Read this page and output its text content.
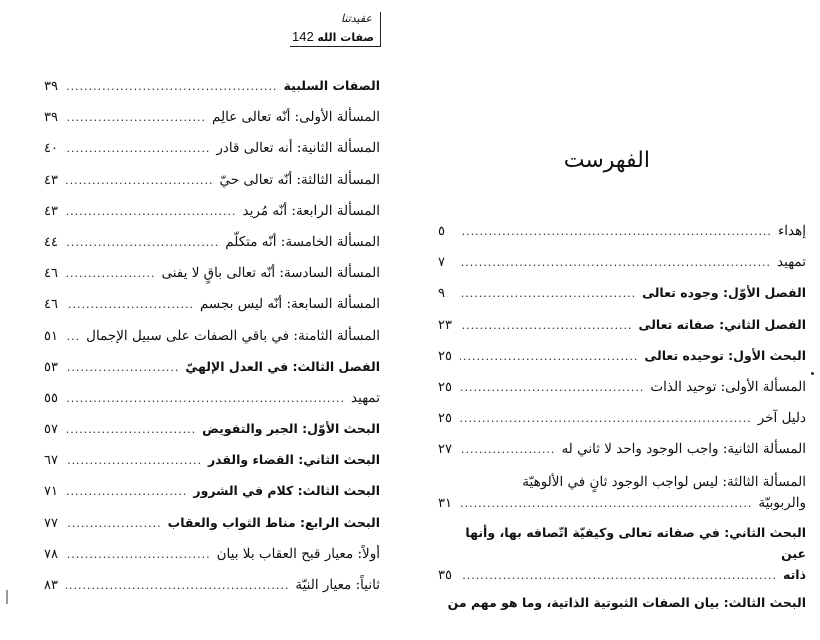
عقيدتنا
142 صفات الله
الصفات السلبية
.....
٣٩
المسألة الأولى: أنّه تعالى عالِم
.....
٣٩
المسألة الثانية: أنه تعالى قادر
.....
٤٠
المسألة الثالثة: أنّه تعالى حيّ
.....
٤٣
المسألة الرابعة: أنّه مُريد
.....
٤٣
المسألة الخامسة: أنّه متكلّم
.....
٤٤
المسألة السادسة: أنّه تعالى باقٍ لا يفنى
.....
٤٦
المسألة السابعة: أنّه ليس بجسم
.....
٤٦
المسألة الثامنة: في باقي الصفات على سبيل الإجمال
.....
٥١
الفصل الثالث: في العدل الإلهيّ
.....
٥٣
تمهيد
.....
٥٥
البحث الأوّل: الجبر والتفويض
.....
٥٧
البحث الثاني: القضاء والقدر
.....
٦٧
البحث الثالث: كلام في الشرور
.....
٧١
البحث الرابع: مناط الثواب والعقاب
.....
٧٧
أولاً: معيار قبح العقاب بلا بيان
.....
٧٨
ثانياً: معيار النيّة
.....
٨٣
الفهرست
إهداء
.....
٥
تمهيد
.....
٧
الفصل الأوّل: وجوده تعالى
.....
٩
الفصل الثاني: صفاته تعالى
.....
٢٣
البحث الأول: توحيده تعالى
.....
٢٥
المسألة الأولى: توحيد الذات
.....
٢٥
دليل آخر
.....
٢٥
المسألة الثانية: واجب الوجود واحد لا ثاني له
.....
٢٧
المسألة الثالثة: ليس لواجب الوجود ثانٍ في الألوهيّة
والربوبيّة
.....
٣١
البحث الثاني: في صفاته تعالى وكيفيّة اتّصافه بها، وأنها عين
ذاته
.....
٣٥
البحث الثالث: بيان الصفات الثبوتية الذاتية، وما هو مهم من
